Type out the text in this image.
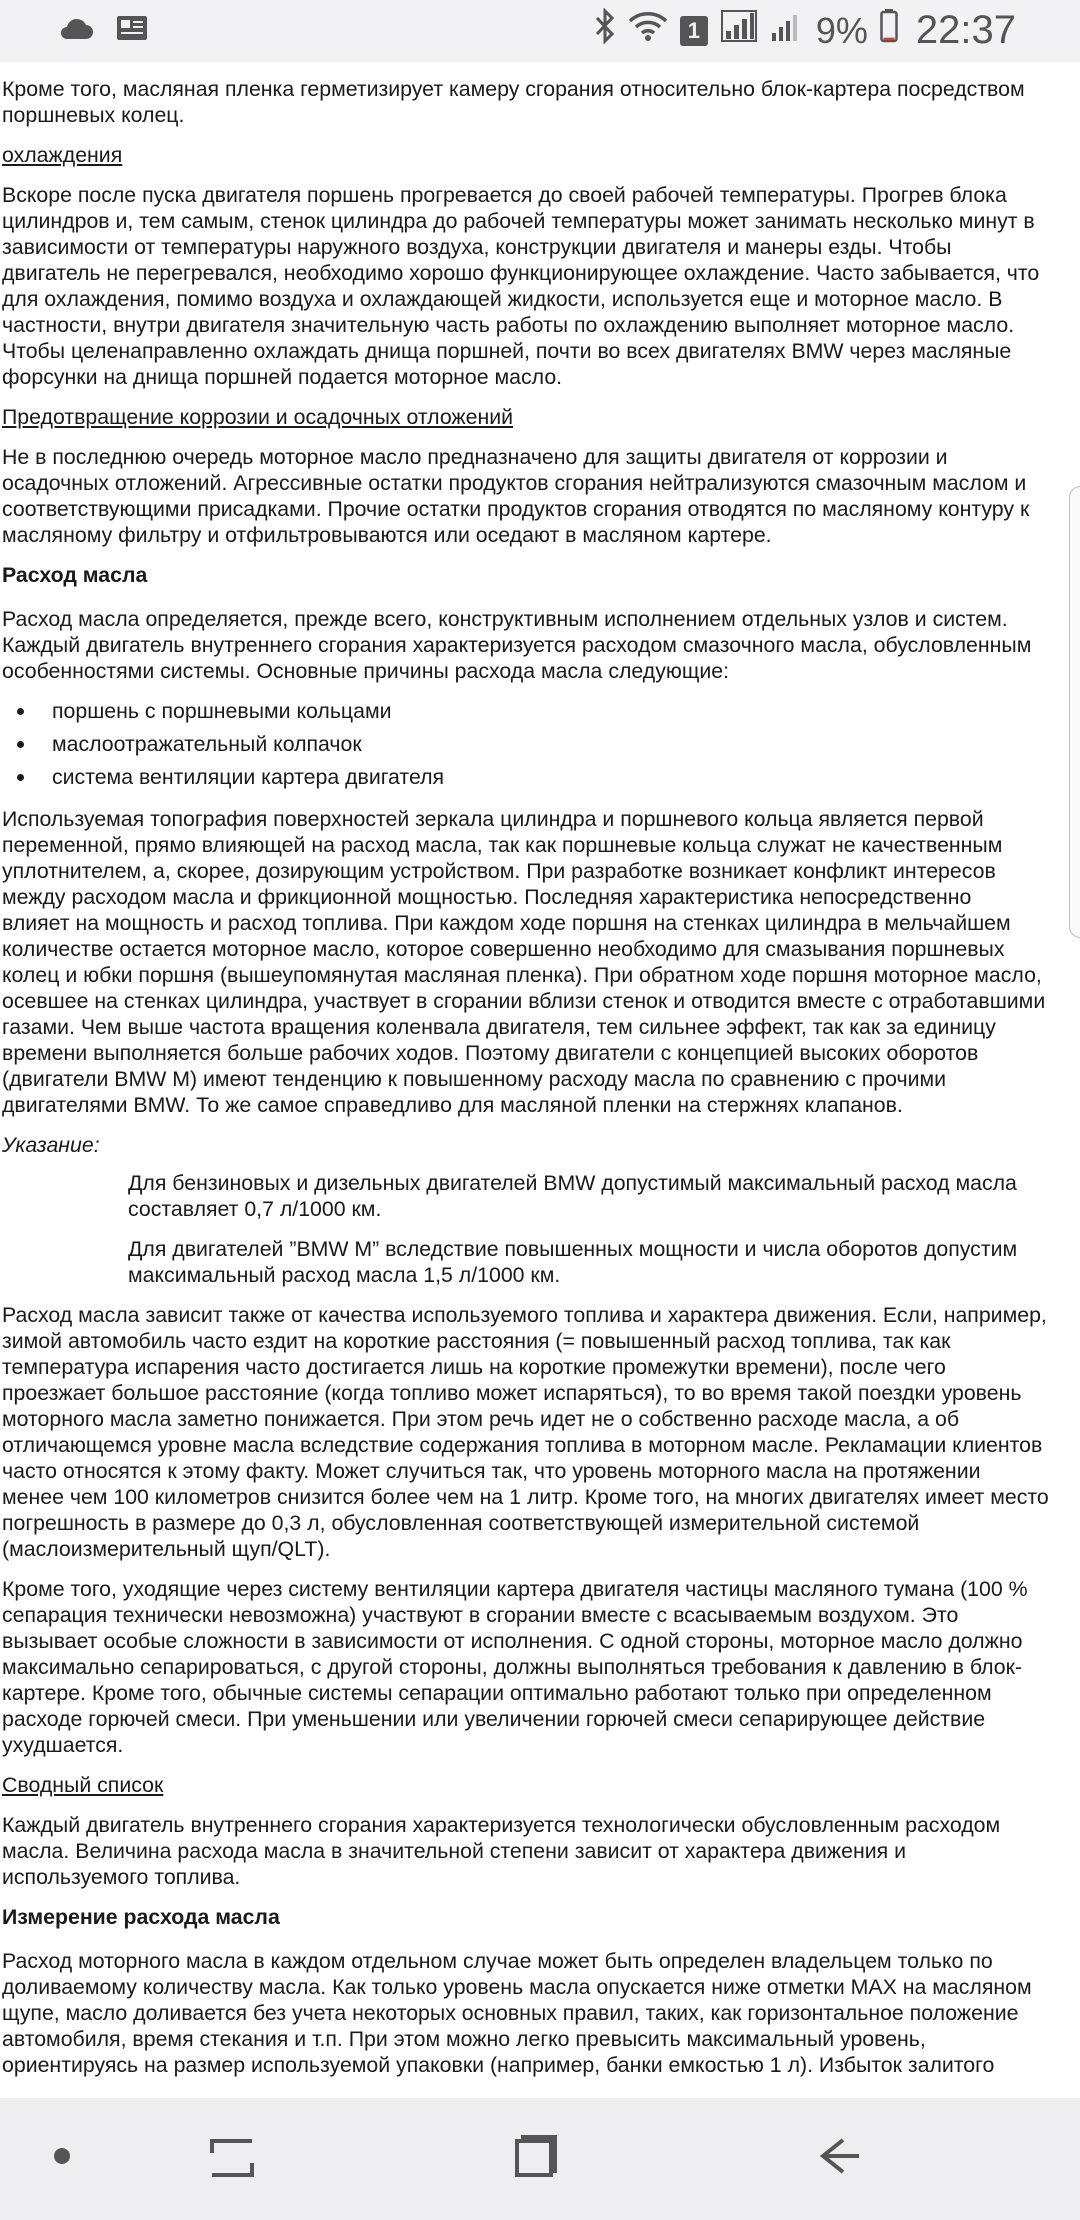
1	9% 22:37

Кроме того, масляная пленка герметизирует камеру сгорания относительно блок-картера посредством
поршневых колец.

охлаждения

Вскоре после пуска двигателя поршень прогревается до своей рабочей температуры. Прогрев блока
цилиндров и, тем самым, стенок цилиндра до рабочей температуры может занимать несколько минут в
зависимости от температуры наружного воздуха, конструкции двигателя и манеры езды. Чтобы
двигатель не перегревался, необходимо хорошо функционирующее охлаждение. Часто забывается, что
для охлаждения, помимо воздуха и охлаждающей жидкости, используется еще и моторное масло. В
частности, внутри двигателя значительную часть работы по охлаждению выполняет моторное масло.
Чтобы целенаправленно охлаждать днища поршней, почти во всех двигателях BMW через масляные
форсунки на днища поршней подается моторное масло.

Предотвращение коррозии и осадочных отложений

Не в последнюю очередь моторное масло предназначено для защиты двигателя от коррозии и
осадочных отложений. Агрессивные остатки продуктов сгорания нейтрализуются смазочным маслом и
соответствующими присадками. Прочие остатки продуктов сгорания отводятся по масляному контуру к
масляному фильтру и отфильтровываются или оседают в масляном картере.

Расход масла

Расход масла определяется, прежде всего, конструктивным исполнением отдельных узлов и систем.
Каждый двигатель внутреннего сгорания характеризуется расходом смазочного масла, обусловленным
особенностями системы. Основные причины расхода масла следующие:

поршень с поршневыми кольцами
маслоотражательный колпачок
система вентиляции картера двигателя

Используемая топография поверхностей зеркала цилиндра и поршневого кольца является первой
переменной, прямо влияющей на расход масла, так как поршневые кольца служат не качественным
уплотнителем, а, скорее, дозирующим устройством. При разработке возникает конфликт интересов
между расходом масла и фрикционной мощностью. Последняя характеристика непосредственно
влияет на мощность и расход топлива. При каждом ходе поршня на стенках цилиндра в мельчайшем
количестве остается моторное масло, которое совершенно необходимо для смазывания поршневых
колец и юбки поршня (вышеупомянутая масляная пленка). При обратном ходе поршня моторное масло,
осевшее на стенках цилиндра, участвует в сгорании вблизи стенок и отводится вместе с отработавшими
газами. Чем выше частота вращения коленвала двигателя, тем сильнее эффект, так как за единицу
времени выполняется больше рабочих ходов. Поэтому двигатели с концепцией высоких оборотов
(двигатели BMW M) имеют тенденцию к повышенному расходу масла по сравнению с прочими
двигателями BMW. То же самое справедливо для масляной пленки на стержнях клапанов.

Указание:

Для бензиновых и дизельных двигателей BMW допустимый максимальный расход масла
составляет 0,7 л/1000 км.

Для двигателей ”BMW M” вследствие повышенных мощности и числа оборотов допустим
максимальный расход масла 1,5 л/1000 км.

Расход масла зависит также от качества используемого топлива и характера движения. Если, например,
зимой автомобиль часто ездит на короткие расстояния (= повышенный расход топлива, так как
температура испарения часто достигается лишь на короткие промежутки времени), после чего
проезжает большое расстояние (когда топливо может испаряться), то во время такой поездки уровень
моторного масла заметно понижается. При этом речь идет не о собственно расходе масла, а об
отличающемся уровне масла вследствие содержания топлива в моторном масле. Рекламации клиентов
часто относятся к этому факту. Может случиться так, что уровень моторного масла на протяжении
менее чем 100 километров снизится более чем на 1 литр. Кроме того, на многих двигателях имеет место
погрешность в размере до 0,3 л, обусловленная соответствующей измерительной системой
(маслоизмерительный щуп/QLT).

Кроме того, уходящие через систему вентиляции картера двигателя частицы масляного тумана (100 %
сепарация технически невозможна) участвуют в сгорании вместе с всасываемым воздухом. Это
вызывает особые сложности в зависимости от исполнения. С одной стороны, моторное масло должно
максимально сепарироваться, с другой стороны, должны выполняться требования к давлению в блок-
картере. Кроме того, обычные системы сепарации оптимально работают только при определенном
расходе горючей смеси. При уменьшении или увеличении горючей смеси сепарирующее действие
ухудшается.

Сводный список

Каждый двигатель внутреннего сгорания характеризуется технологически обусловленным расходом
масла. Величина расхода масла в значительной степени зависит от характера движения и
используемого топлива.

Измерение расхода масла

Расход моторного масла в каждом отдельном случае может быть определен владельцем только по
доливаемому количеству масла. Как только уровень масла опускается ниже отметки MAX на масляном
щупе, масло доливается без учета некоторых основных правил, таких, как горизонтальное положение
автомобиля, время стекания и т.п. При этом можно легко превысить максимальный уровень,
ориентируясь на размер используемой упаковки (например, банки емкостью 1 л). Избыток залитого
